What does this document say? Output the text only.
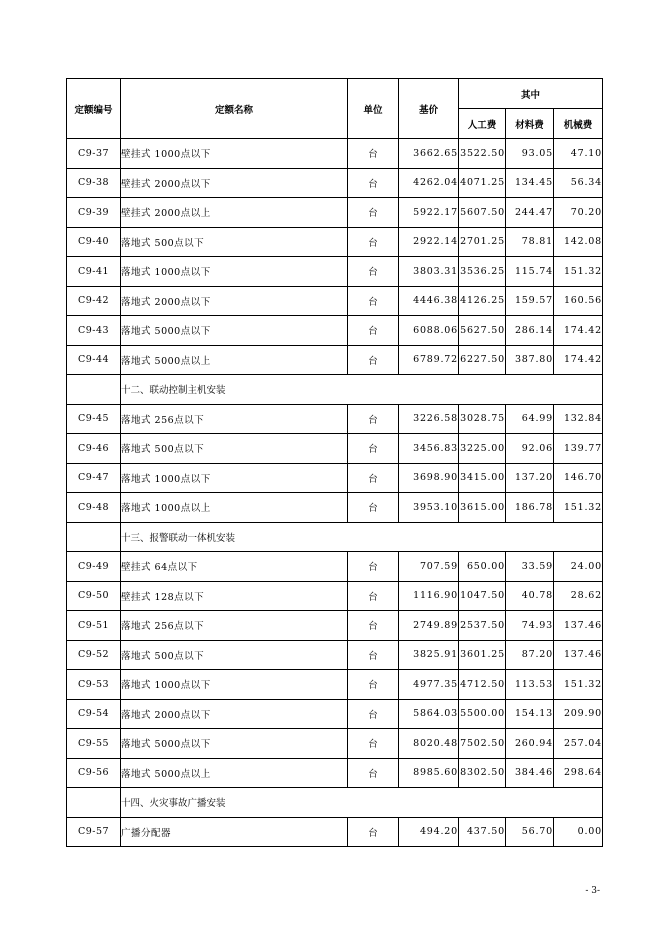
定额编号	定额名称	单位	基价	其中		
				人工费	材料费	机械费
C9-37	壁挂式 1000点以下	台	3662.65	3522.50	93.05	47.10
C9-38	壁挂式 2000点以下	台	4262.04	4071.25	134.45	56.34
C9-39	壁挂式 2000点以上	台	5922.17	5607.50	244.47	70.20
C9-40	落地式 500点以下	台	2922.14	2701.25	78.81	142.08
C9-41	落地式 1000点以下	台	3803.31	3536.25	115.74	151.32
C9-42	落地式 2000点以下	台	4446.38	4126.25	159.57	160.56
C9-43	落地式 5000点以下	台	6088.06	5627.50	286.14	174.42
C9-44	落地式 5000点以上	台	6789.72	6227.50	387.80	174.42
	十二、联动控制主机安装					
C9-45	落地式 256点以下	台	3226.58	3028.75	64.99	132.84
C9-46	落地式 500点以下	台	3456.83	3225.00	92.06	139.77
C9-47	落地式 1000点以下	台	3698.90	3415.00	137.20	146.70
C9-48	落地式 1000点以上	台	3953.10	3615.00	186.78	151.32
	十三、报警联动一体机安装					
C9-49	壁挂式 64点以下	台	707.59	650.00	33.59	24.00
C9-50	壁挂式 128点以下	台	1116.90	1047.50	40.78	28.62
C9-51	落地式 256点以下	台	2749.89	2537.50	74.93	137.46
C9-52	落地式 500点以下	台	3825.91	3601.25	87.20	137.46
C9-53	落地式 1000点以下	台	4977.35	4712.50	113.53	151.32
C9-54	落地式 2000点以下	台	5864.03	5500.00	154.13	209.90
C9-55	落地式 5000点以下	台	8020.48	7502.50	260.94	257.04
C9-56	落地式 5000点以上	台	8985.60	8302.50	384.46	298.64
	十四、火灾事故广播安装					
C9-57	广播分配器	台	494.20	437.50	56.70	0.00
- 3-
